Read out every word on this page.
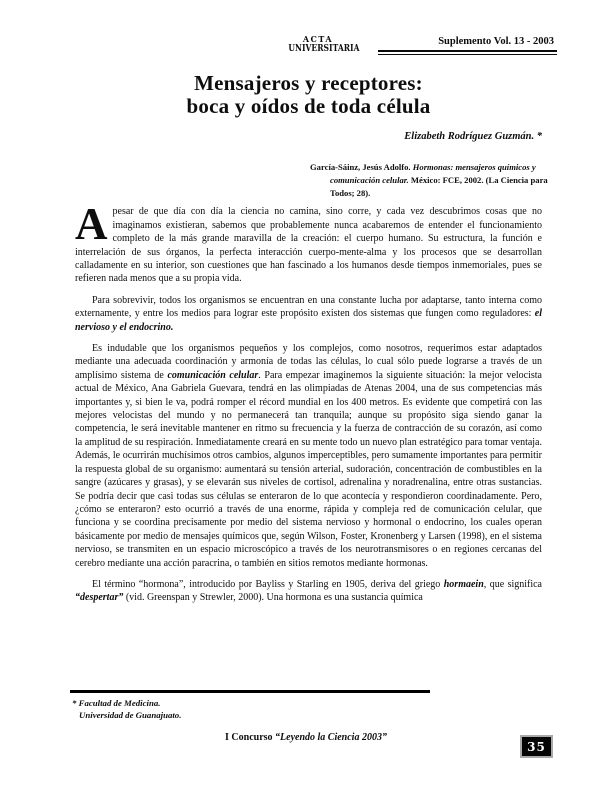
ACTA
UNIVERSITARIA
Suplemento Vol. 13 - 2003
Mensajeros y receptores:
boca y oídos de toda célula
Elizabeth Rodríguez Guzmán. *
García-Sáinz, Jesús Adolfo. Hormonas: mensajeros químicos y comunicación celular. México: FCE, 2002. (La Ciencia para Todos; 28).

Apesar de que día con día la ciencia no camina, sino corre, y cada vez descubrimos cosas que no imaginamos existieran, sabemos que probablemente nunca acabaremos de entender el funcionamiento completo de la más grande maravilla de la creación: el cuerpo humano. Su estructura, la función e interrelación de sus órganos, la perfecta interacción cuerpo-mente-alma y los procesos que se desarrollan calladamente en su interior, son cuestiones que han fascinado a los humanos desde tiempos inmemoriales, pues se refieren nada menos que a su propia vida.

Para sobrevivir, todos los organismos se encuentran en una constante lucha por adaptarse, tanto interna como externamente, y entre los medios para lograr este propósito existen dos sistemas que fungen como reguladores: el nervioso y el endocrino.

Es indudable que los organismos pequeños y los complejos, como nosotros, requerimos estar adaptados mediante una adecuada coordinación y armonía de todas las células, lo cual sólo puede lograrse a través de un amplísimo sistema de comunicación celular. Para empezar imaginemos la siguiente situación: la mejor velocista actual de México, Ana Gabriela Guevara, tendrá en las olimpiadas de Atenas 2004, una de sus competencias más importantes y, si bien le va, podrá romper el récord mundial en los 400 metros. Es evidente que competirá con las mejores velocistas del mundo y no permanecerá tan tranquila; aunque su propósito siga siendo ganar la competencia, le será inevitable mantener en ritmo su frecuencia y la fuerza de contracción de su corazón, así como la amplitud de su respiración. Inmediatamente creará en su mente todo un nuevo plan estratégico para tomar ventaja. Además, le ocurrirán muchísimos otros cambios, algunos imperceptibles, pero sumamente importantes para permitir la respuesta global de su organismo: aumentará su tensión arterial, sudoración, concentración de combustibles en la sangre (azúcares y grasas), y se elevarán sus niveles de cortisol, adrenalina y noradrenalina, entre otras sustancias. Se podría decir que casi todas sus células se enteraron de lo que acontecía y respondieron coordinadamente. Pero, ¿cómo se enteraron? esto ocurrió a través de una enorme, rápida y compleja red de comunicación celular, que funciona y se coordina precisamente por medio del sistema nervioso y hormonal o endocrino, los cuales operan básicamente por medio de mensajes químicos que, según Wilson, Foster, Kronenberg y Larsen (1998), en el sistema nervioso, se transmiten en un espacio microscópico a través de los neurotransmisores o en regiones cercanas del cerebro mediante una acción paracrina, o también en sitios remotos mediante hormonas.

El término “hormona”, introducido por Bayliss y Starling en 1905, deriva del griego hormaein, que significa “despertar” (vid. Greenspan y Strewler, 2000). Una hormona es una sustancia química

* Facultad de Medicina.
Universidad de Guanajuato.
I Concurso “Leyendo la Ciencia 2003”
35
